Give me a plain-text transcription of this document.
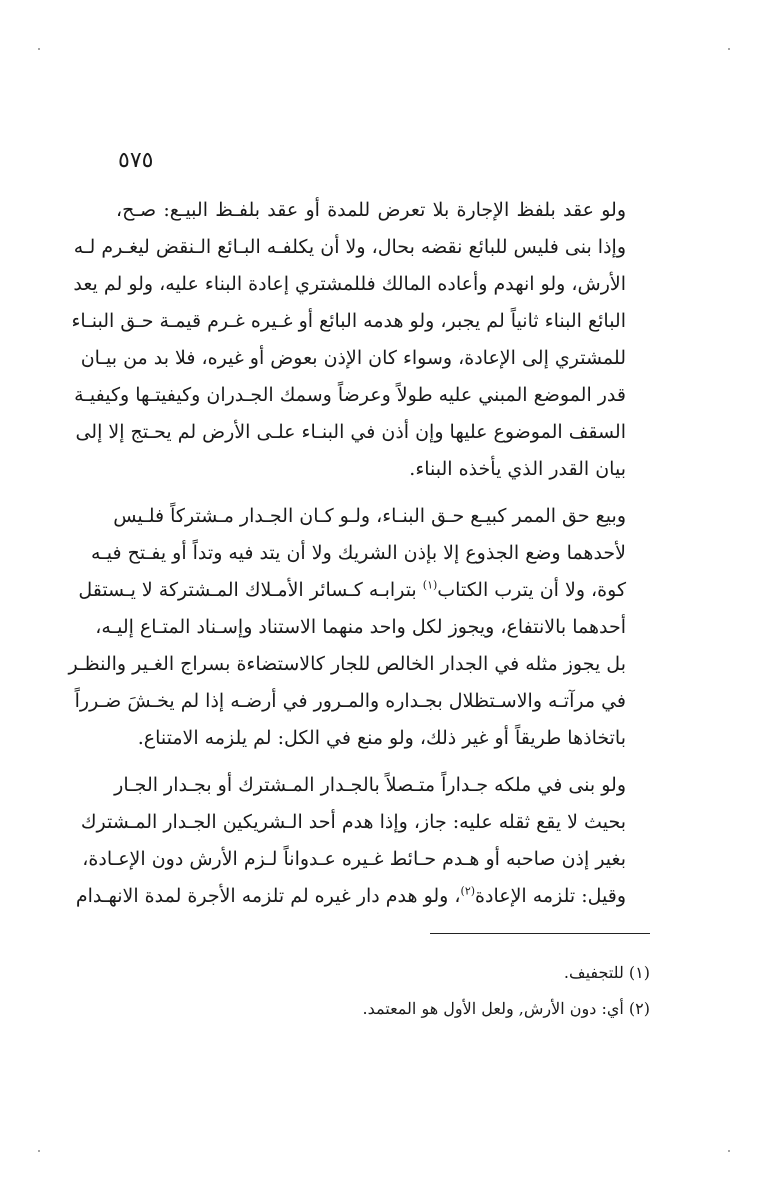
٥٧٥
ولو عقد بلفظ الإجارة بلا تعرض للمدة أو عقد بلفـظ البيـع: صـح،
وإذا بنى فليس للبائع نقضه بحال، ولا أن يكلفـه البـائع الـنقض ليغـرم لـه
الأرش، ولو انهدم وأعاده المالك فللمشتري إعادة البناء عليه، ولو لم يعد
البائع البناء ثانياً لم يجبر، ولو هدمه البائع أو غـيره غـرم قيمـة حـق البنـاء
للمشتري إلى الإعادة، وسواء كان الإذن بعوض أو غيره، فلا بد من بيـان
قدر الموضع المبني عليه طولاً وعرضاً وسمك الجـدران وكيفيتـها وكيفيـة
السقف الموضوع عليها وإن أذن في البنـاء علـى الأرض لم يحـتج إلا إلى
بيان القدر الذي يأخذه البناء.
وبيع حق الممر كبيـع حـق البنـاء، ولـو كـان الجـدار مـشتركاً فلـيس
لأحدهما وضع الجذوع إلا بإذن الشريك ولا أن يتد فيه وتداً أو يفـتح فيـه
كوة، ولا أن يترب الكتاب$^{(١)}$ بترابـه كـسائر الأمـلاك المـشتركة لا يـستقل
أحدهما بالانتفاع، ويجوز لكل واحد منهما الاستناد وإسـناد المتـاع إليـه،
بل يجوز مثله في الجدار الخالص للجار كالاستضاءة بسراج الغـير والنظـر
في مرآتـه والاسـتظلال بجـداره والمـرور في أرضـه إذا لم يخـشَ ضـرراً
باتخاذها طريقاً أو غير ذلك، ولو منع في الكل: لم يلزمه الامتناع.
ولو بنى في ملكه جـداراً متـصلاً بالجـدار المـشترك أو بجـدار الجـار
بحيث لا يقع ثقله عليه: جاز، وإذا هدم أحد الـشريكين الجـدار المـشترك
بغير إذن صاحبه أو هـدم حـائط غـيره عـدواناً لـزم الأرش دون الإعـادة،
وقيل: تلزمه الإعادة$^{(٢)}$، ولو هدم دار غيره لم تلزمه الأجرة لمدة الانهـدام
(١) للتجفيف.
(٢) أي: دون الأرش, ولعل الأول هو المعتمد.
